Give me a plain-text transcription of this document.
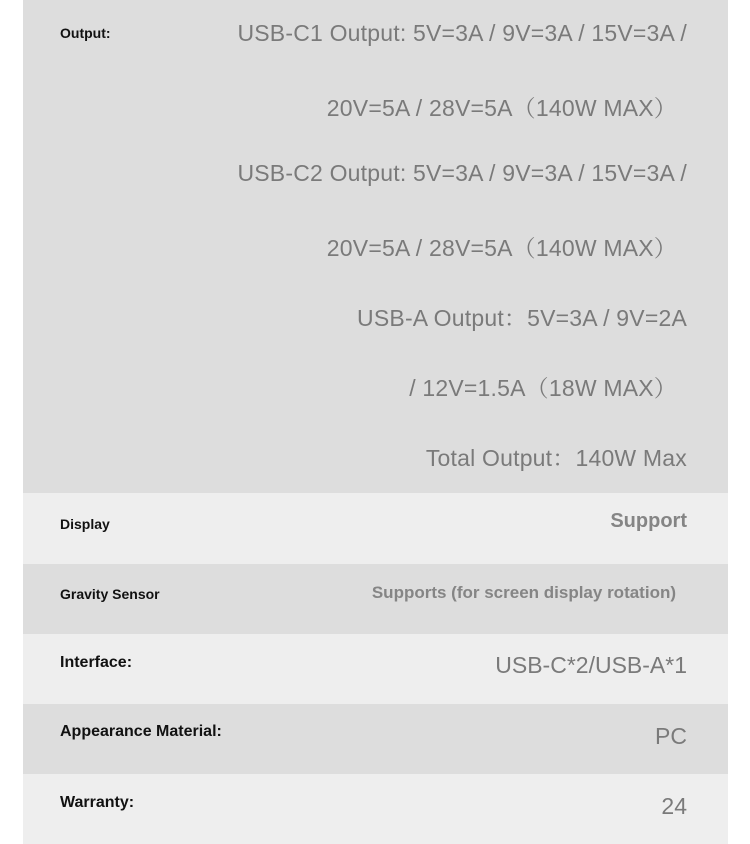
Output:	USB-C1 Output: 5V=3A / 9V=3A / 15V=3A /
20V=5A / 28V=5A（140W MAX）
USB-C2 Output: 5V=3A / 9V=3A / 15V=3A /
20V=5A / 28V=5A（140W MAX）
USB-A Output：5V=3A / 9V=2A
/ 12V=1.5A（18W MAX）
Total Output：140W Max
Display	Support
Gravity Sensor	Supports (for screen display rotation)
Interface:	USB-C*2/USB-A*1
Appearance Material:	PC
Warranty:	24
